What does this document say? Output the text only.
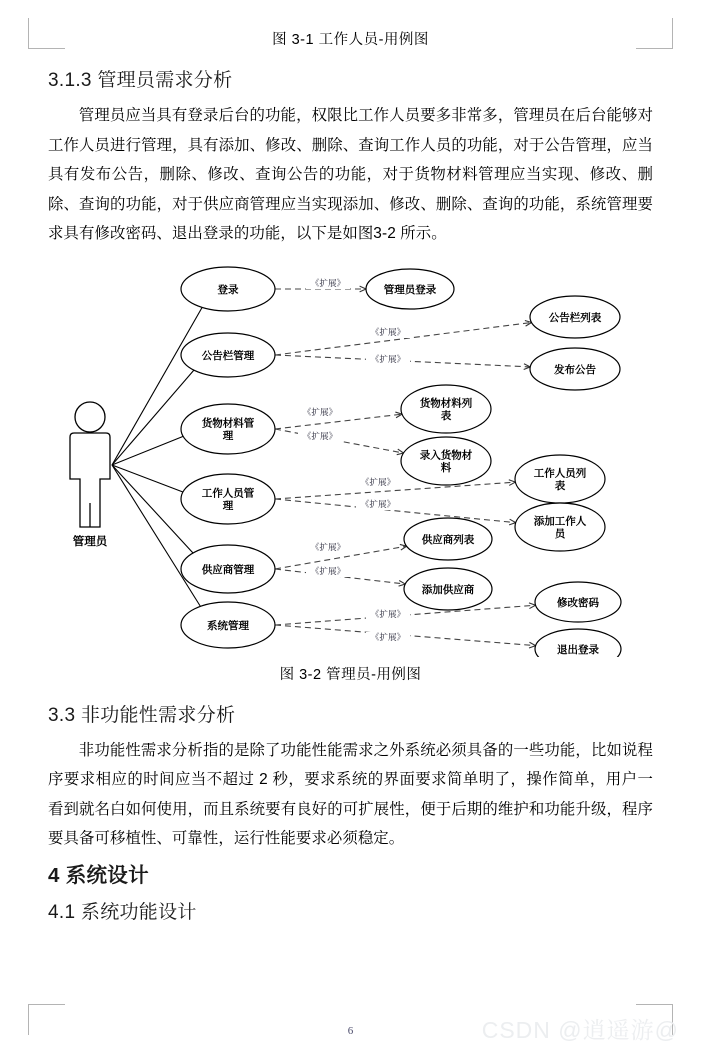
图 3-1 工作人员-用例图
3.1.3 管理员需求分析

管理员应当具有登录后台的功能，权限比工作人员要多非常多，管理员在后台能够对工作人员进行管理，具有添加、修改、删除、查询工作人员的功能，对于公告管理，应当具有发布公告，删除、修改、查询公告的功能，对于货物材料管理应当实现、修改、删除、查询的功能，对于供应商管理应当实现添加、修改、删除、查询的功能，系统管理要求具有修改密码、退出登录的功能，以下是如图3-2 所示。

管理员
《扩展》
《扩展》
《扩展》
《扩展》
《扩展》
《扩展》
《扩展》
《扩展》
《扩展》
《扩展》
《扩展》
登录
公告栏管理
货物材料管
理
工作人员管
理
供应商管理
系统管理
管理员登录
公告栏列表
发布公告
货物材料列
表
录入货物材
料	工作人员列
表
添加工作人
员
供应商列表
添加供应商
修改密码
退出登录
图 3-2 管理员-用例图
3.3 非功能性需求分析

非功能性需求分析指的是除了功能性能需求之外系统必须具备的一些功能，比如说程序要求相应的时间应当不超过 2 秒，要求系统的界面要求简单明了，操作简单，用户一看到就名白如何使用，而且系统要有良好的可扩展性，便于后期的维护和功能升级，程序要具备可移植性、可靠性，运行性能要求必须稳定。

4 系统设计
4.1 系统功能设计
6	CSDN @逍遥游@
